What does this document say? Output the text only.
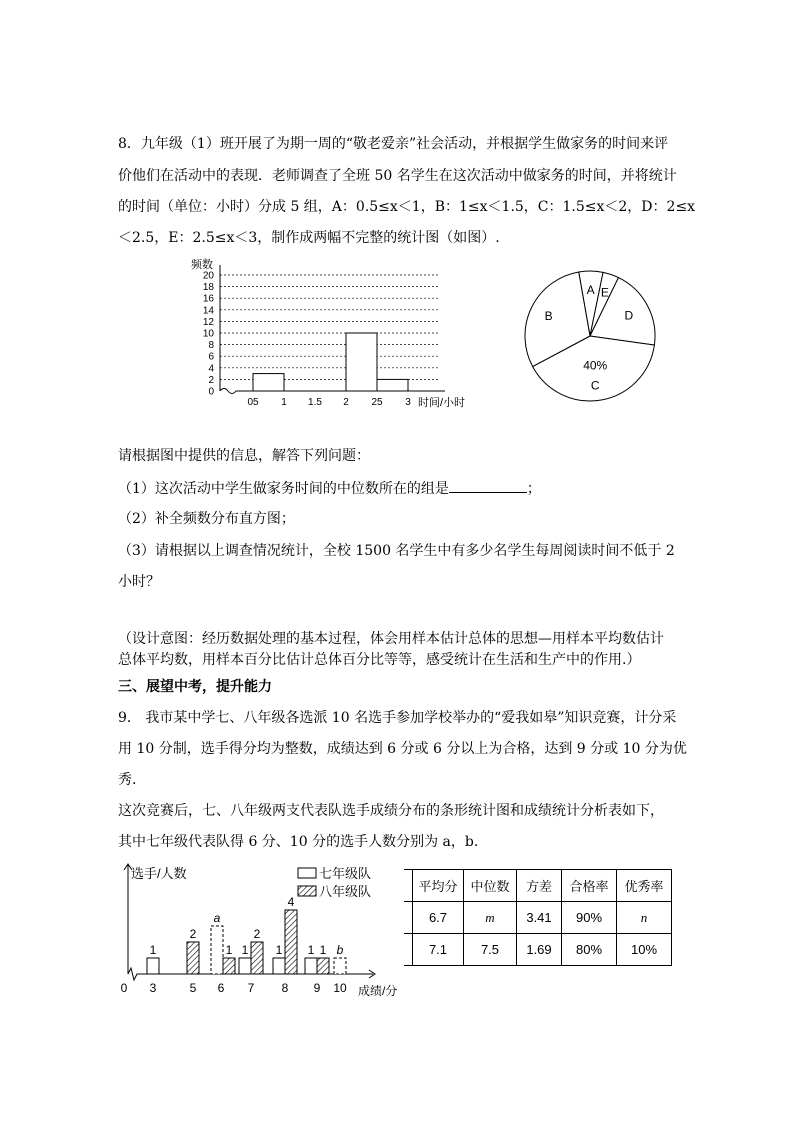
8．九年级（1）班开展了为期一周的“敬老爱亲”社会活动，并根据学生做家务的时间来评
价他们在活动中的表现．老师调查了全班 50 名学生在这次活动中做家务的时间，并将统计
的时间（单位：小时）分成 5 组，A：0.5≤x＜1，B：1≤x＜1.5，C：1.5≤x＜2，D：2≤x
＜2.5，E：2.5≤x＜3，制作成两幅不完整的统计图（如图）.
0
2
4
6
8
10
12
14
16
18
20
频数
时间/小时
05 1 1.5 2 25 3
A E
D
C
40%
B
请根据图中提供的信息，解答下列问题：
（1）这次活动中学生做家务时间的中位数所在的组是	；
（2）补全频数分布直方图；
（3）请根据以上调查情况统计，全校 1500 名学生中有多少名学生每周阅读时间不低于 2
小时？
（设计意图：经历数据处理的基本过程，体会用样本估计总体的思想—用样本平均数估计
总体平均数，用样本百分比估计总体百分比等等，感受统计在生活和生产中的作用.）
三、展望中考，提升能力
9． 我市某中学七、八年级各选派 10 名选手参加学校举办的“爱我如皋”知识竞赛，计分采
用 10 分制，选手得分均为整数，成绩达到 6 分或 6 分以上为合格，达到 9 分或 10 分为优
秀.
这次竞赛后，七、八年级两支代表队选手成绩分布的条形统计图和成绩统计分析表如下，
其中七年级代表队得 6 分、10 分的选手人数分别为 a，b.
选手/人数
成绩/分
0
七年级队
八年级队
3
1
5
2
6
a
1
7
1
2
8
1
4
9
1 1
10
b
	平均分	中位数	方差	合格率	优秀率
	6.7	m	3.41	90%	n
	7.1	7.5	1.69	80%	10%
